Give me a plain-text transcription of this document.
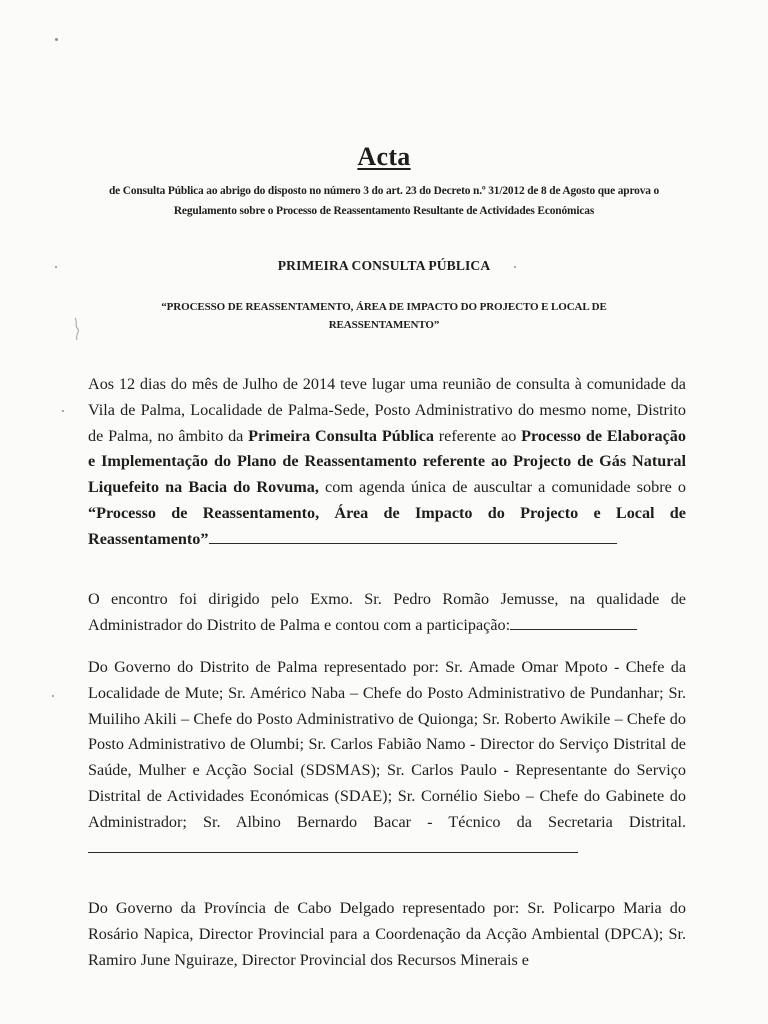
Acta
de Consulta Pública ao abrigo do disposto no número 3 do art. 23 do Decreto n.º 31/2012 de 8 de Agosto que aprova o Regulamento sobre o Processo de Reassentamento Resultante de Actividades Económicas
PRIMEIRA CONSULTA PÚBLICA
“PROCESSO DE REASSENTAMENTO, ÁREA DE IMPACTO DO PROJECTO E LOCAL DE REASSENTAMENTO”

Aos 12 dias do mês de Julho de 2014 teve lugar uma reunião de consulta à comunidade da Vila de Palma, Localidade de Palma-Sede, Posto Administrativo do mesmo nome, Distrito de Palma, no âmbito da Primeira Consulta Pública referente ao Processo de Elaboração e Implementação do Plano de Reassentamento referente ao Projecto de Gás Natural Liquefeito na Bacia do Rovuma, com agenda única de auscultar a comunidade sobre o “Processo de Reassentamento, Área de Impacto do Projecto e Local de Reassentamento”

O encontro foi dirigido pelo Exmo. Sr. Pedro Romão Jemusse, na qualidade de Administrador do Distrito de Palma e contou com a participação:

Do Governo do Distrito de Palma representado por: Sr. Amade Omar Mpoto - Chefe da Localidade de Mute; Sr. Américo Naba – Chefe do Posto Administrativo de Pundanhar; Sr. Muiliho Akili – Chefe do Posto Administrativo de Quionga; Sr. Roberto Awikile – Chefe do Posto Administrativo de Olumbi; Sr. Carlos Fabião Namo - Director do Serviço Distrital de Saúde, Mulher e Acção Social (SDSMAS); Sr. Carlos Paulo - Representante do Serviço Distrital de Actividades Económicas (SDAE); Sr. Cornélio Siebo – Chefe do Gabinete do Administrador; Sr. Albino Bernardo Bacar - Técnico da Secretaria Distrital.

Do Governo da Província de Cabo Delgado representado por: Sr. Policarpo Maria do Rosário Napica, Director Provincial para a Coordenação da Acção Ambiental (DPCA); Sr. Ramiro June Nguiraze, Director Provincial dos Recursos Minerais e
